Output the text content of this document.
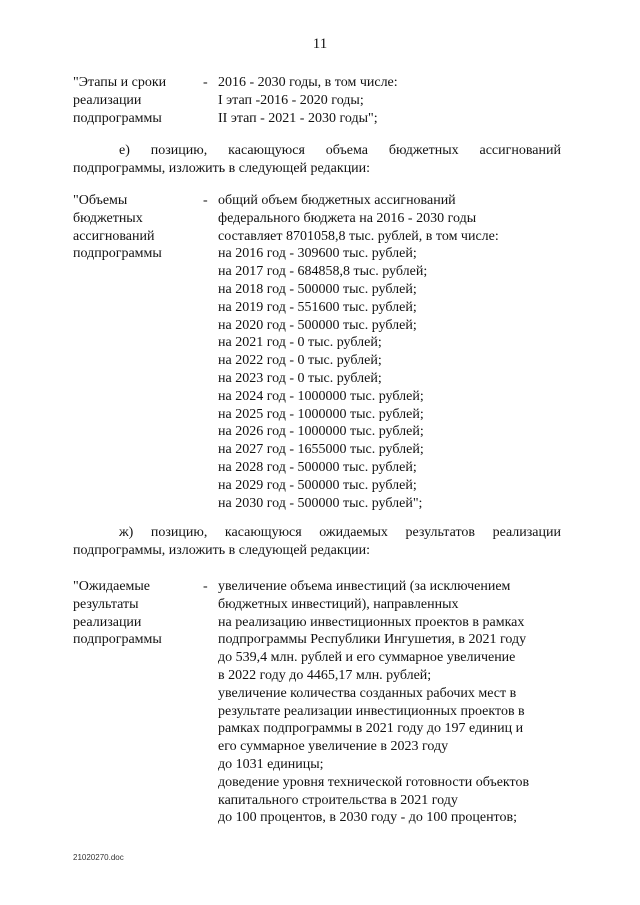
11
"Этапы и сроки
реализации
подпрограммы
- 2016 - 2030 годы, в том числе:
I этап -2016 - 2020 годы;
II этап - 2021 - 2030 годы";
е) позицию, касающуюся объема бюджетных ассигнований
подпрограммы, изложить в следующей редакции:
"Объемы
бюджетных
ассигнований
подпрограммы
- общий объем бюджетных ассигнований
федерального бюджета на 2016 - 2030 годы
составляет 8701058,8 тыс. рублей, в том числе:
на 2016 год - 309600 тыс. рублей;
на 2017 год - 684858,8 тыс. рублей;
на 2018 год - 500000 тыс. рублей;
на 2019 год - 551600 тыс. рублей;
на 2020 год - 500000 тыс. рублей;
на 2021 год - 0 тыс. рублей;
на 2022 год - 0 тыс. рублей;
на 2023 год - 0 тыс. рублей;
на 2024 год - 1000000 тыс. рублей;
на 2025 год - 1000000 тыс. рублей;
на 2026 год - 1000000 тыс. рублей;
на 2027 год - 1655000 тыс. рублей;
на 2028 год - 500000 тыс. рублей;
на 2029 год - 500000 тыс. рублей;
на 2030 год - 500000 тыс. рублей";
ж) позицию, касающуюся ожидаемых результатов реализации
подпрограммы, изложить в следующей редакции:
"Ожидаемые
результаты
реализации
подпрограммы
- увеличение объема инвестиций (за исключением
бюджетных инвестиций), направленных
на реализацию инвестиционных проектов в рамках
подпрограммы Республики Ингушетия, в 2021 году
до 539,4 млн. рублей и его суммарное увеличение
в 2022 году до 4465,17 млн. рублей;
увеличение количества созданных рабочих мест в
результате реализации инвестиционных проектов в
рамках подпрограммы в 2021 году до 197 единиц и
его суммарное увеличение в 2023 году
до 1031 единицы;
доведение уровня технической готовности объектов
капитального строительства в 2021 году
до 100 процентов, в 2030 году - до 100 процентов;
21020270.doc
